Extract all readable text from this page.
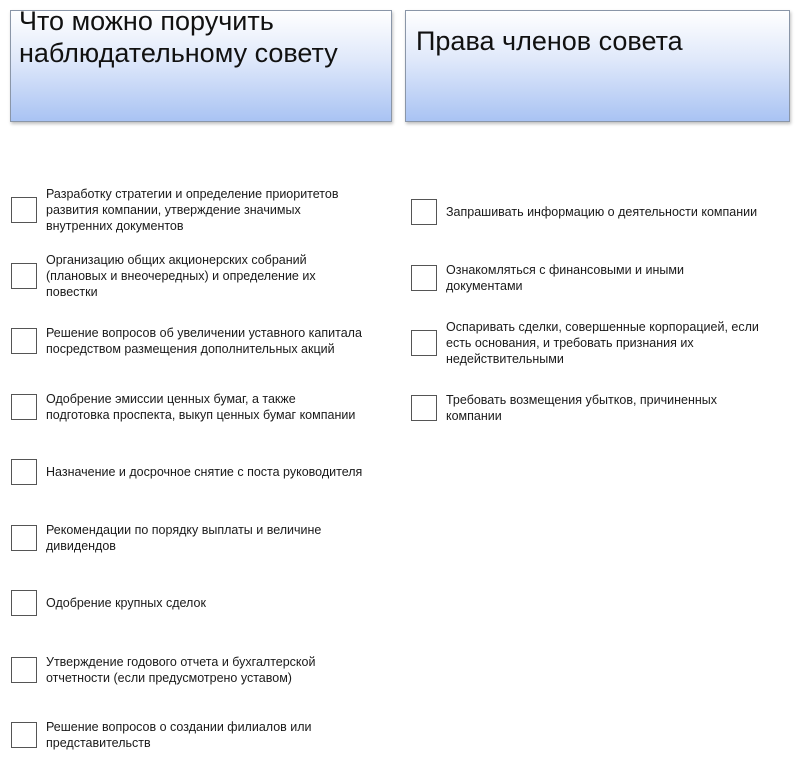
Что можно поручить наблюдательному совету	Права членов совета
Разработку стратегии и определение приоритетов
развития компании, утверждение значимых
внутренних документов
Организацию общих акционерских собраний
(плановых и внеочередных) и определение их
повестки
Решение вопросов об увеличении уставного капитала
посредством размещения дополнительных акций
Одобрение эмиссии ценных бумаг, а также
подготовка проспекта, выкуп ценных бумаг компании
Назначение и досрочное снятие с поста руководителя
Рекомендации по порядку выплаты и величине
дивидендов
Одобрение крупных сделок
Утверждение годового отчета и бухгалтерской
отчетности (если предусмотрено уставом)
Решение вопросов о создании филиалов или
представительств
Запрашивать информацию о деятельности компании
Ознакомляться с финансовыми и иными
документами
Оспаривать сделки, совершенные корпорацией, если
есть основания, и требовать признания их
недействительными
Требовать возмещения убытков, причиненных
компании
